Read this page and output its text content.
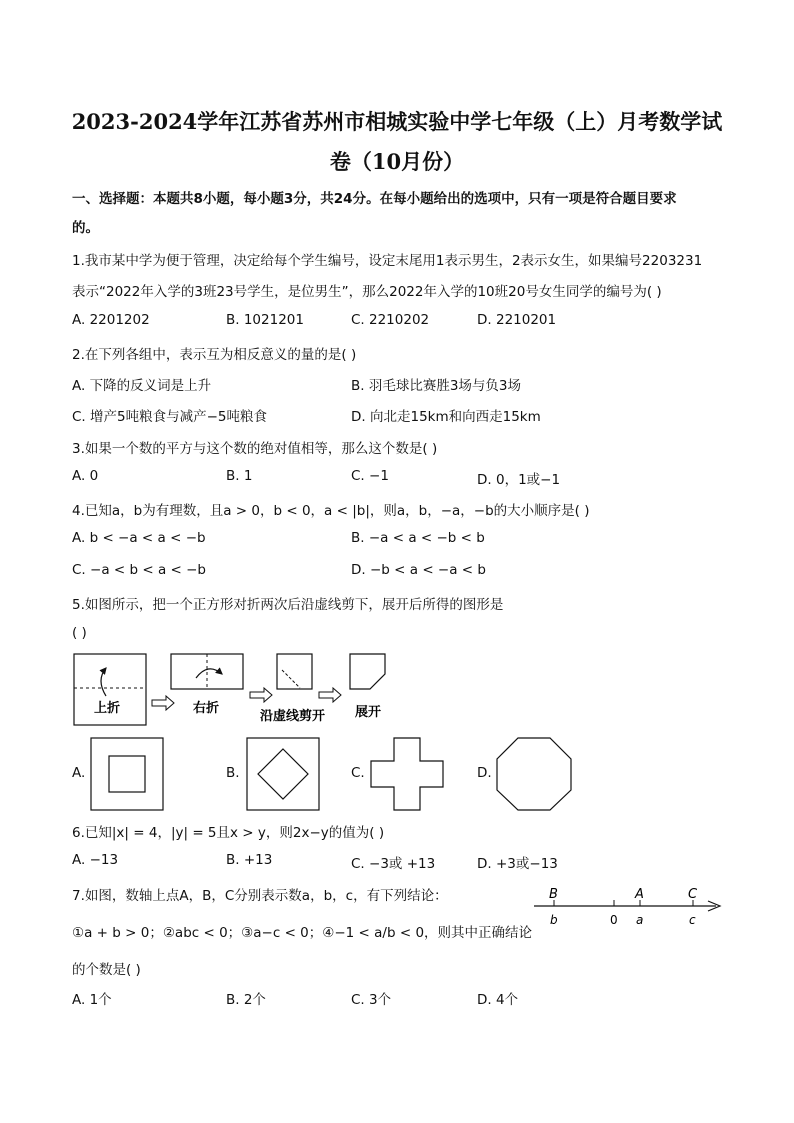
2023-2024学年江苏省苏州市相城实验中学七年级（上）月考数学试
卷（10月份）
一、选择题：本题共8小题，每小题3分，共24分。在每小题给出的选项中，只有一项是符合题目要求
的。
1.我市某中学为便于管理，决定给每个学生编号，设定末尾用1表示男生，2表示女生，如果编号2203231
表示“2022年入学的3班23号学生，是位男生”，那么2022年入学的10班20号女生同学的编号为( )
A. 2201202	B. 1021201	C. 2210202	D. 2210201
2.在下列各组中，表示互为相反意义的量的是( )
A. 下降的反义词是上升	B. 羽毛球比赛胜3场与负3场
C. 增产5吨粮食与减产−5吨粮食	D. 向北走15km和向西走15km
3.如果一个数的平方与这个数的绝对值相等，那么这个数是( )
A. 0	B. 1	C. −1	D. 0，1或−1
4.已知a，b为有理数，且a > 0，b < 0，a < |b|，则a，b，−a，−b的大小顺序是( )
A. b < −a < a < −b	B. −a < a < −b < b
C. −a < b < a < −b	D. −b < a < −a < b
5.如图所示，把一个正方形对折两次后沿虚线剪下，展开后所得的图形是
( )
上折	右折
沿虚线剪开 展开
A.	B.	C.	D.
6.已知|x| = 4，|y| = 5且x > y，则2x−y的值为( )
A. −13	B. +13	C. −3或 +13	D. +3或−13
7.如图，数轴上点A，B，C分别表示数a，b，c，有下列结论：
①a + b > 0；②abc < 0；③a−c < 0；④−1 < a/b < 0，则其中正确结论
的个数是( )
B	A	C
b	0 a	c
A. 1个	B. 2个	C. 3个	D. 4个
